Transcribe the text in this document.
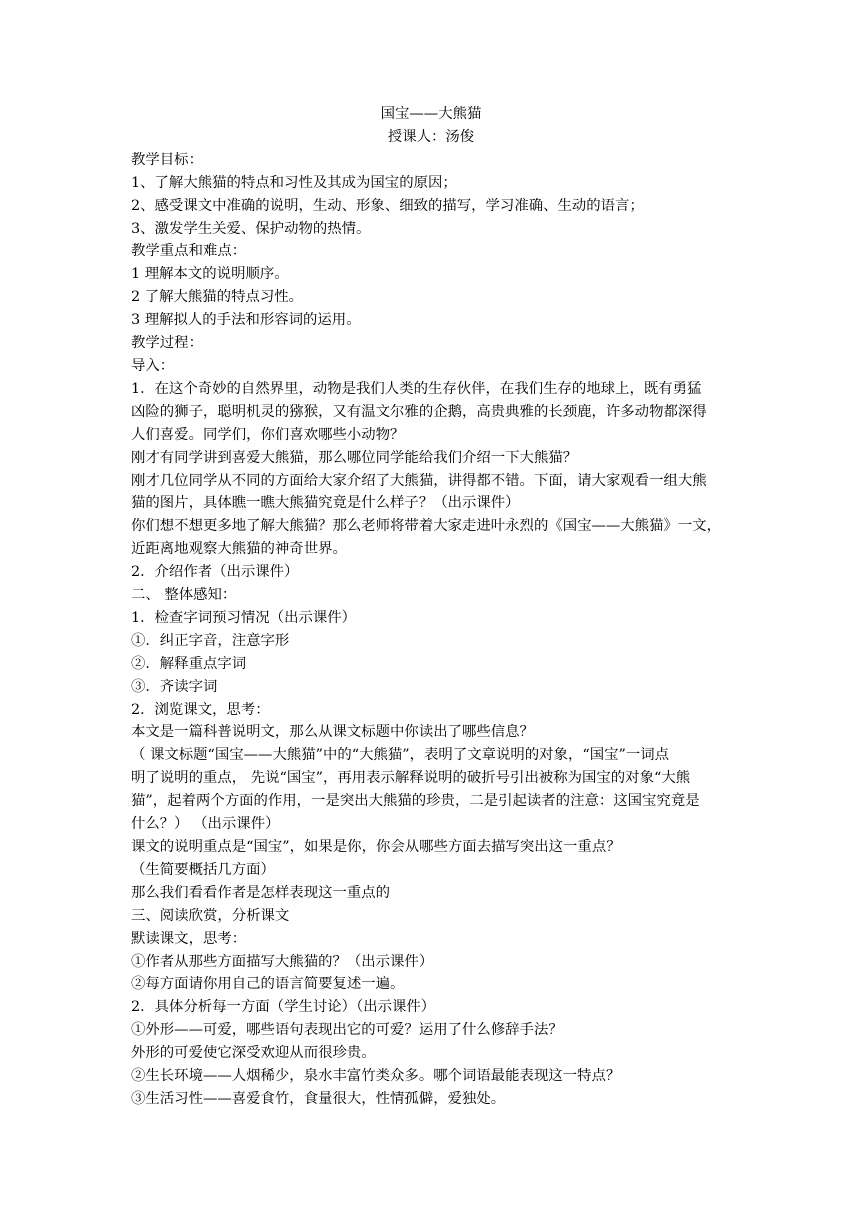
国宝——大熊猫
授课人：汤俊
教学目标：
1、了解大熊猫的特点和习性及其成为国宝的原因；
2、感受课文中准确的说明，生动、形象、细致的描写，学习准确、生动的语言；
3、激发学生关爱、保护动物的热情。
教学重点和难点：
1 理解本文的说明顺序。
2 了解大熊猫的特点习性。
3 理解拟人的手法和形容词的运用。
教学过程：
导入：
1．在这个奇妙的自然界里，动物是我们人类的生存伙伴，在我们生存的地球上，既有勇猛
凶险的狮子，聪明机灵的猕猴，又有温文尔雅的企鹅，高贵典雅的长颈鹿，许多动物都深得
人们喜爱。同学们，你们喜欢哪些小动物？
刚才有同学讲到喜爱大熊猫，那么哪位同学能给我们介绍一下大熊猫？
刚才几位同学从不同的方面给大家介绍了大熊猫，讲得都不错。下面，请大家观看一组大熊
猫的图片，具体瞧一瞧大熊猫究竟是什么样子？（出示课件）
你们想不想更多地了解大熊猫？那么老师将带着大家走进叶永烈的《国宝——大熊猫》一文，
近距离地观察大熊猫的神奇世界。
2．介绍作者（出示课件）
二、 整体感知：
1．检查字词预习情况（出示课件）
①．纠正字音，注意字形
②．解释重点字词
③．齐读字词
2．浏览课文，思考：
本文是一篇科普说明文，那么从课文标题中你读出了哪些信息？
（ 课文标题“国宝——大熊猫”中的“大熊猫”，表明了文章说明的对象，“国宝”一词点
明了说明的重点， 先说“国宝”，再用表示解释说明的破折号引出被称为国宝的对象“大熊
猫”，起着两个方面的作用，一是突出大熊猫的珍贵，二是引起读者的注意：这国宝究竟是
什么？） （出示课件）
课文的说明重点是“国宝”，如果是你，你会从哪些方面去描写突出这一重点？
（生简要概括几方面）
那么我们看看作者是怎样表现这一重点的
三、阅读欣赏，分析课文
默读课文，思考：
①作者从那些方面描写大熊猫的？（出示课件）
②每方面请你用自己的语言简要复述一遍。
2．具体分析每一方面（学生讨论）（出示课件）
①外形——可爱，哪些语句表现出它的可爱？运用了什么修辞手法？
外形的可爱使它深受欢迎从而很珍贵。
②生长环境——人烟稀少，泉水丰富竹类众多。哪个词语最能表现这一特点？
③生活习性——喜爱食竹，食量很大，性情孤僻，爱独处。
